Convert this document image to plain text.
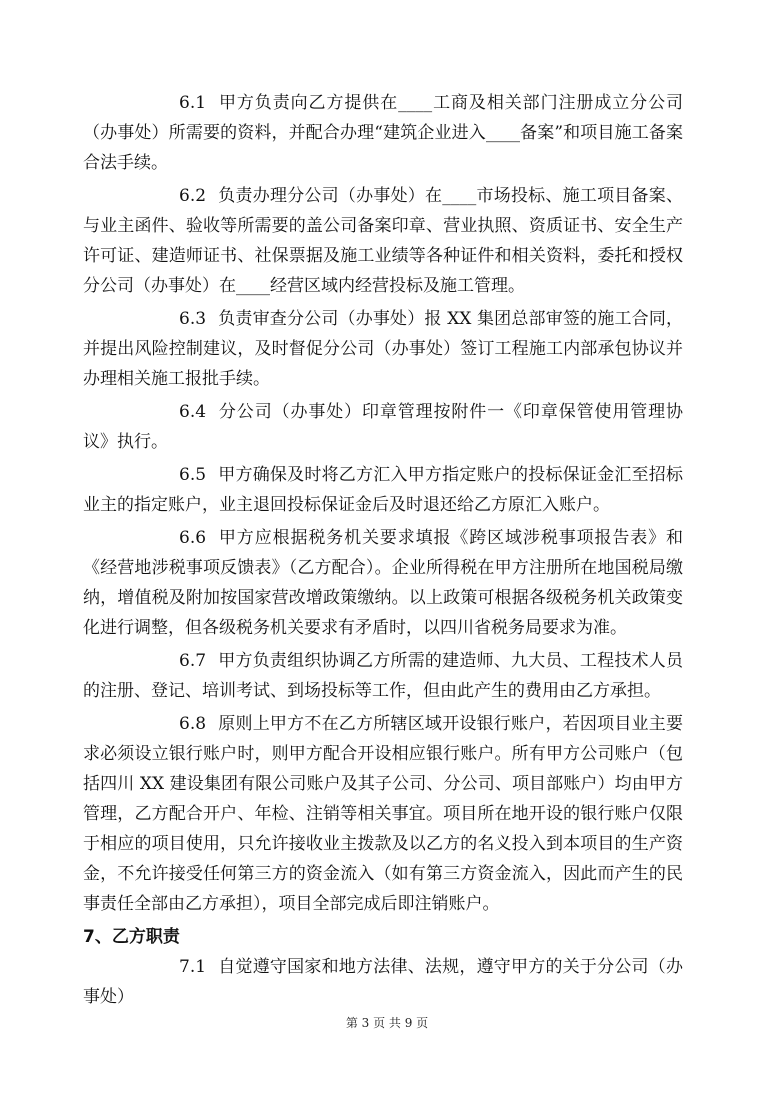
6.1 甲方负责向乙方提供在____工商及相关部门注册成立分公司（办事处）所需要的资料，并配合办理“建筑企业进入____备案”和项目施工备案合法手续。

6.2 负责办理分公司（办事处）在____市场投标、施工项目备案、与业主函件、验收等所需要的盖公司备案印章、营业执照、资质证书、安全生产许可证、建造师证书、社保票据及施工业绩等各种证件和相关资料，委托和授权分公司（办事处）在____经营区域内经营投标及施工管理。

6.3 负责审查分公司（办事处）报 XX 集团总部审签的施工合同，并提出风险控制建议，及时督促分公司（办事处）签订工程施工内部承包协议并办理相关施工报批手续。

6.4 分公司（办事处）印章管理按附件一《印章保管使用管理协议》执行。

6.5 甲方确保及时将乙方汇入甲方指定账户的投标保证金汇至招标业主的指定账户，业主退回投标保证金后及时退还给乙方原汇入账户。

6.6 甲方应根据税务机关要求填报《跨区域涉税事项报告表》和《经营地涉税事项反馈表》（乙方配合）。企业所得税在甲方注册所在地国税局缴纳，增值税及附加按国家营改增政策缴纳。以上政策可根据各级税务机关政策变化进行调整，但各级税务机关要求有矛盾时，以四川省税务局要求为准。

6.7 甲方负责组织协调乙方所需的建造师、九大员、工程技术人员的注册、登记、培训考试、到场投标等工作，但由此产生的费用由乙方承担。

6.8 原则上甲方不在乙方所辖区域开设银行账户，若因项目业主要求必须设立银行账户时，则甲方配合开设相应银行账户。所有甲方公司账户（包括四川 XX 建设集团有限公司账户及其子公司、分公司、项目部账户）均由甲方管理，乙方配合开户、年检、注销等相关事宜。项目所在地开设的银行账户仅限于相应的项目使用，只允许接收业主拨款及以乙方的名义投入到本项目的生产资金，不允许接受任何第三方的资金流入（如有第三方资金流入，因此而产生的民事责任全部由乙方承担），项目全部完成后即注销账户。

7、乙方职责

7.1 自觉遵守国家和地方法律、法规，遵守甲方的关于分公司（办事处）

第 3 页 共 9 页
